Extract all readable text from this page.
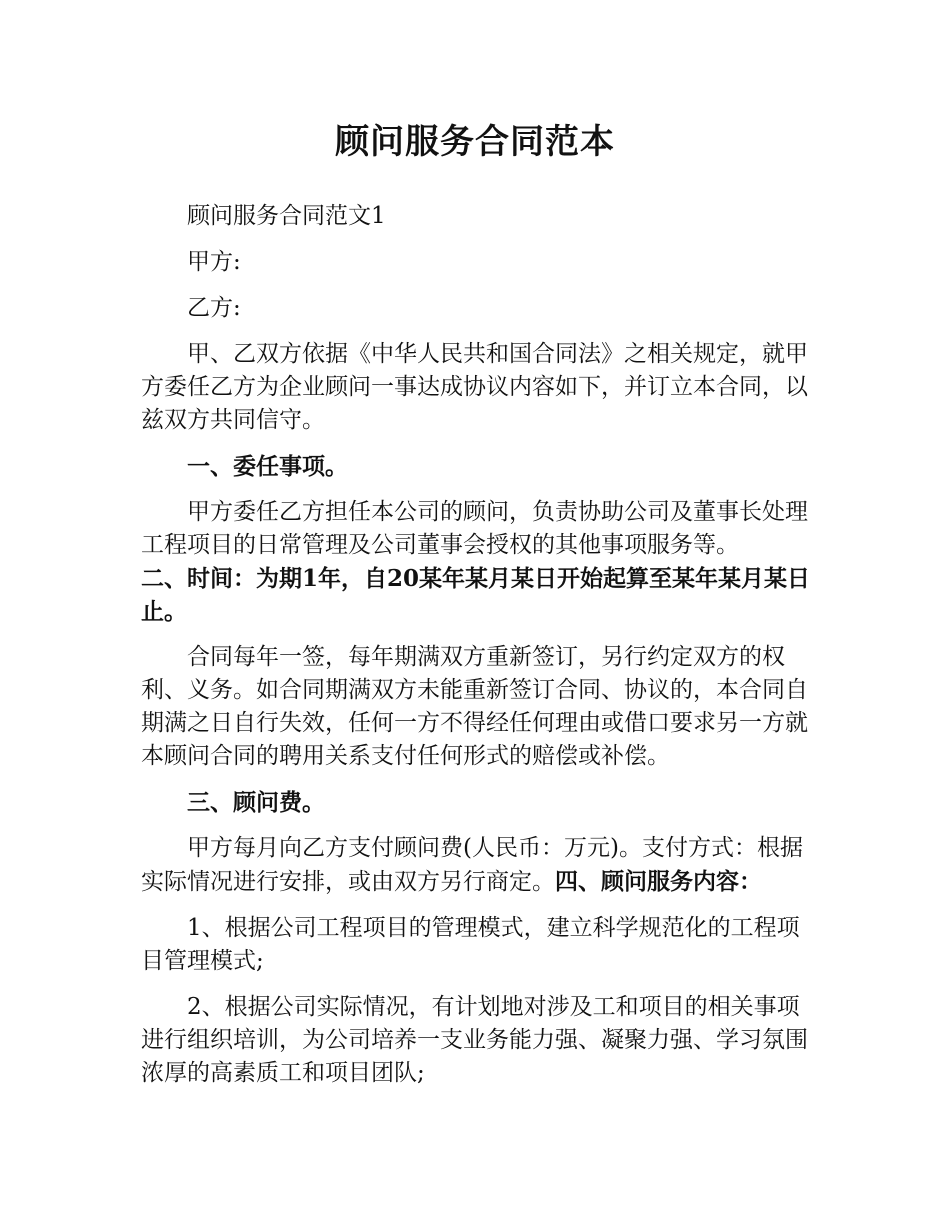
顾问服务合同范本

顾问服务合同范文1

甲方:

乙方:

甲、乙双方依据《中华人民共和国合同法》之相关规定，就甲方委任乙方为企业顾问一事达成协议内容如下，并订立本合同，以兹双方共同信守。

一、委任事项。

甲方委任乙方担任本公司的顾问，负责协助公司及董事长处理工程项目的日常管理及公司董事会授权的其他事项服务等。

二、时间：为期1年，自20某年某月某日开始起算至某年某月某日止。

合同每年一签，每年期满双方重新签订，另行约定双方的权利、义务。如合同期满双方未能重新签订合同、协议的，本合同自期满之日自行失效，任何一方不得经任何理由或借口要求另一方就本顾问合同的聘用关系支付任何形式的赔偿或补偿。

三、顾问费。

甲方每月向乙方支付顾问费(人民币：万元)。支付方式：根据实际情况进行安排，或由双方另行商定。四、顾问服务内容：

1、根据公司工程项目的管理模式，建立科学规范化的工程项目管理模式;

2、根据公司实际情况，有计划地对涉及工和项目的相关事项进行组织培训，为公司培养一支业务能力强、凝聚力强、学习氛围浓厚的高素质工和项目团队;
